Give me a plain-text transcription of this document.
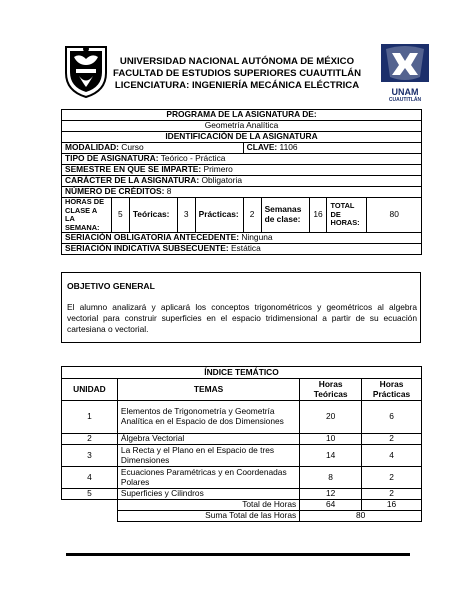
UNIVERSIDAD NACIONAL AUTÓNOMA DE MÉXICO
FACULTAD DE ESTUDIOS SUPERIORES CUAUTITLÁN
LICENCIATURA: INGENIERÍA MECÁNICA ELÉCTRICA
UNAM
CUAUTITLÁN
PROGRAMA DE LA ASIGNATURA DE:									
Geometría Analítica									
IDENTIFICACIÓN DE LA ASIGNATURA									
MODALIDAD: Curso					CLAVE: 1106				
TIPO DE ASIGNATURA: Teórico - Práctica									
SEMESTRE EN QUE SE IMPARTE: Primero									
CARÁCTER DE LA ASIGNATURA: Obligatoria									
NÚMERO DE CRÉDITOS: 8									
HORAS DE CLASE A LA SEMANA:	5	Teóricas:	3	Prácticas:	2	Semanas de clase:	16	TOTAL DE HORAS:	80
SERIACIÓN OBLIGATORIA ANTECEDENTE: Ninguna									
SERIACIÓN INDICATIVA SUBSECUENTE: Estática									
OBJETIVO GENERAL
El alumno analizará y aplicará los conceptos trigonométricos y geométricos al algebra vectorial para construir superficies en el espacio tridimensional a partir de su ecuación cartesiana o vectorial.
ÍNDICE TEMÁTICO			
UNIDAD	TEMAS	Horas Teóricas	Horas Prácticas
1	Elementos de Trigonometría y Geometría Analítica en el Espacio de dos Dimensiones	20	6
2	Álgebra Vectorial	10	2
3	La Recta y el Plano en el Espacio de tres Dimensiones	14	4
4	Ecuaciones Paramétricas y en Coordenadas Polares	8	2
5	Superficies y Cilindros	12	2
	Total de Horas	64	16
	Suma Total de las Horas	80	
